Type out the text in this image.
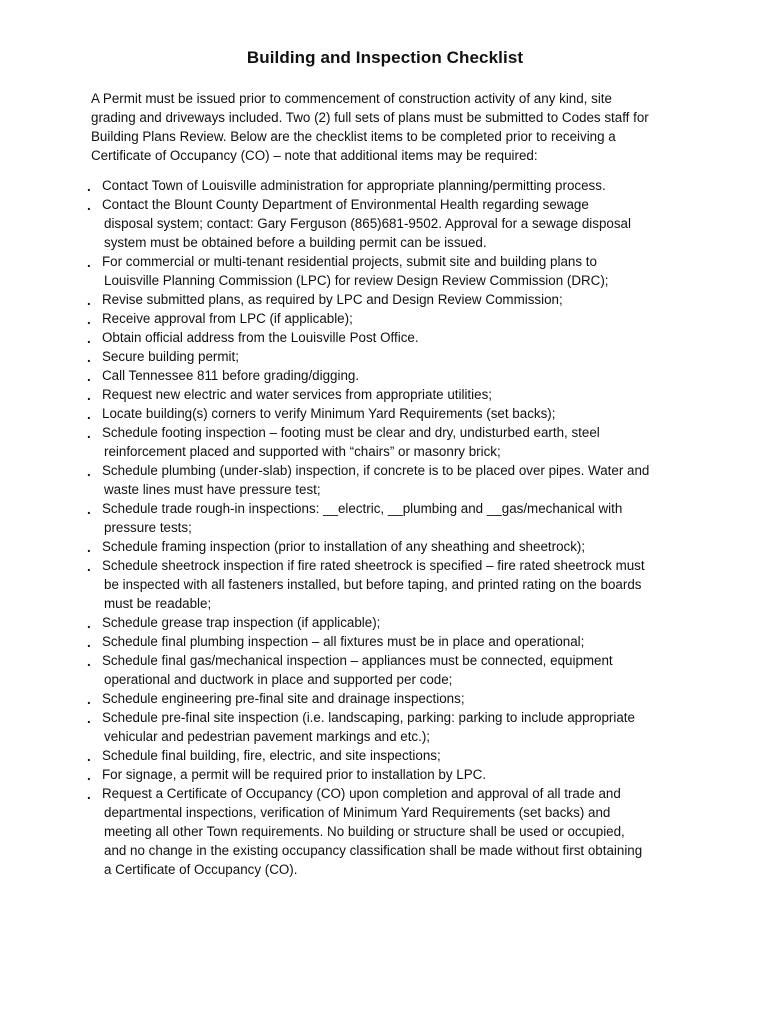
Building and Inspection Checklist
A Permit must be issued prior to commencement of construction activity of any kind, site
grading and driveways included. Two (2) full sets of plans must be submitted to Codes staff for
Building Plans Review. Below are the checklist items to be completed prior to receiving a
Certificate of Occupancy (CO) – note that additional items may be required:
. Contact Town of Louisville administration for appropriate planning/permitting process.
. Contact the Blount County Department of Environmental Health regarding sewage
disposal system; contact: Gary Ferguson (865)681-9502. Approval for a sewage disposal
system must be obtained before a building permit can be issued.
. For commercial or multi-tenant residential projects, submit site and building plans to
Louisville Planning Commission (LPC) for review Design Review Commission (DRC);
. Revise submitted plans, as required by LPC and Design Review Commission;
. Receive approval from LPC (if applicable);
. Obtain official address from the Louisville Post Office.
. Secure building permit;
. Call Tennessee 811 before grading/digging.
. Request new electric and water services from appropriate utilities;
. Locate building(s) corners to verify Minimum Yard Requirements (set backs);
. Schedule footing inspection – footing must be clear and dry, undisturbed earth, steel
reinforcement placed and supported with “chairs” or masonry brick;
. Schedule plumbing (under-slab) inspection, if concrete is to be placed over pipes. Water and
waste lines must have pressure test;
. Schedule trade rough-in inspections: __electric, __plumbing and __gas/mechanical with
pressure tests;
. Schedule framing inspection (prior to installation of any sheathing and sheetrock);
. Schedule sheetrock inspection if fire rated sheetrock is specified – fire rated sheetrock must
be inspected with all fasteners installed, but before taping, and printed rating on the boards
must be readable;
. Schedule grease trap inspection (if applicable);
. Schedule final plumbing inspection – all fixtures must be in place and operational;
. Schedule final gas/mechanical inspection – appliances must be connected, equipment
operational and ductwork in place and supported per code;
. Schedule engineering pre-final site and drainage inspections;
. Schedule pre-final site inspection (i.e. landscaping, parking: parking to include appropriate
vehicular and pedestrian pavement markings and etc.);
. Schedule final building, fire, electric, and site inspections;
. For signage, a permit will be required prior to installation by LPC.
. Request a Certificate of Occupancy (CO) upon completion and approval of all trade and
departmental inspections, verification of Minimum Yard Requirements (set backs) and
meeting all other Town requirements. No building or structure shall be used or occupied,
and no change in the existing occupancy classification shall be made without first obtaining
a Certificate of Occupancy (CO).
